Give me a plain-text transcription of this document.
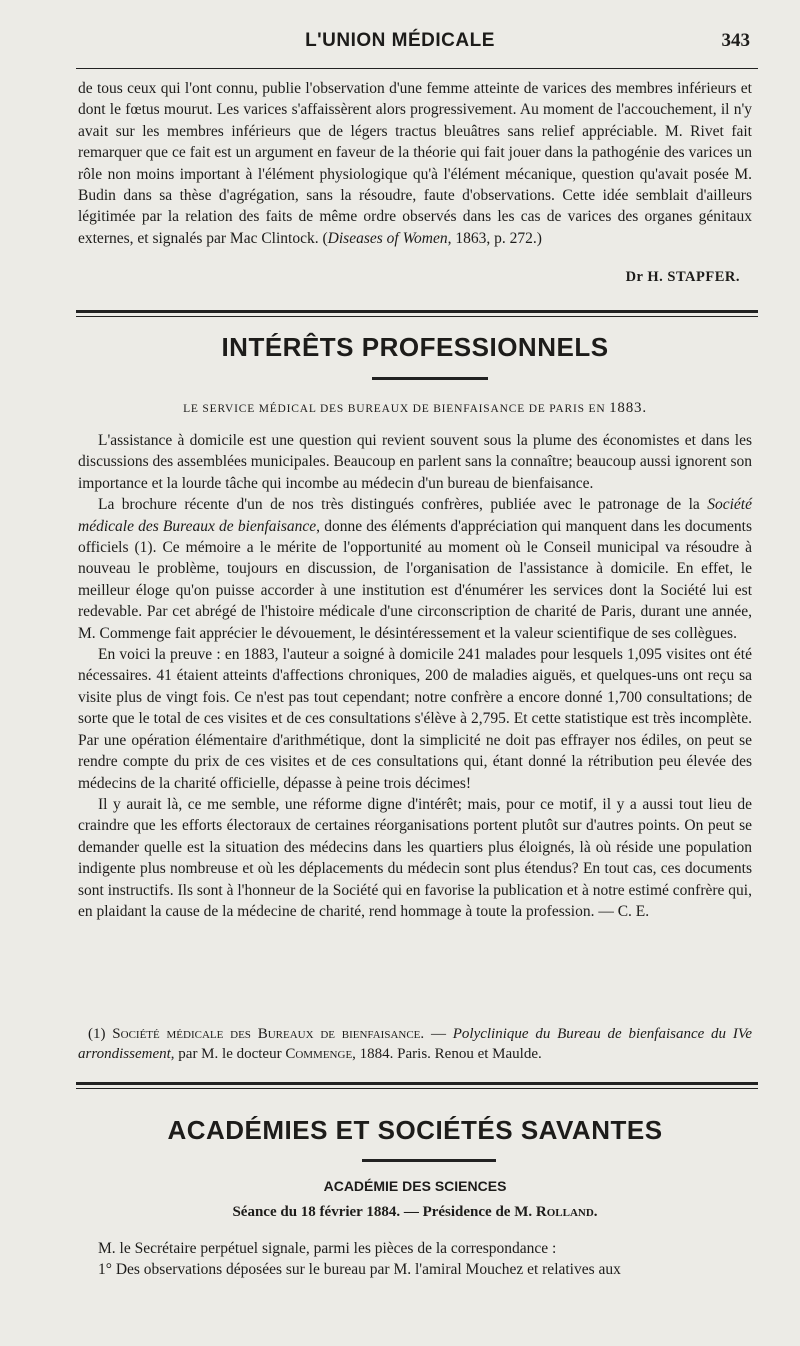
L'UNION MÉDICALE	343

de tous ceux qui l'ont connu, publie l'observation d'une femme atteinte de varices des membres inférieurs et dont le fœtus mourut. Les varices s'affaissèrent alors progressivement. Au moment de l'accouchement, il n'y avait sur les membres inférieurs que de légers tractus bleuâtres sans relief appréciable. M. Rivet fait remarquer que ce fait est un argument en faveur de la théorie qui fait jouer dans la pathogénie des varices un rôle non moins important à l'élément physiologique qu'à l'élément mécanique, question qu'avait posée M. Budin dans sa thèse d'agrégation, sans la résoudre, faute d'observations. Cette idée semblait d'ailleurs légitimée par la relation des faits de même ordre observés dans les cas de varices des organes génitaux externes, et signalés par Mac Clintock. (Diseases of Women, 1863, p. 272.)

Dr H. STAPFER.
INTÉRÊTS PROFESSIONNELS
LE SERVICE MÉDICAL DES BUREAUX DE BIENFAISANCE DE PARIS EN 1883.

L'assistance à domicile est une question qui revient souvent sous la plume des économistes et dans les discussions des assemblées municipales. Beaucoup en parlent sans la connaître; beaucoup aussi ignorent son importance et la lourde tâche qui incombe au médecin d'un bureau de bienfaisance.

La brochure récente d'un de nos très distingués confrères, publiée avec le patronage de la Société médicale des Bureaux de bienfaisance, donne des éléments d'appréciation qui manquent dans les documents officiels (1). Ce mémoire a le mérite de l'opportunité au moment où le Conseil municipal va résoudre à nouveau le problème, toujours en discussion, de l'organisation de l'assistance à domicile. En effet, le meilleur éloge qu'on puisse accorder à une institution est d'énumérer les services dont la Société lui est redevable. Par cet abrégé de l'histoire médicale d'une circonscription de charité de Paris, durant une année, M. Commenge fait apprécier le dévouement, le désintéressement et la valeur scientifique de ses collègues.

En voici la preuve : en 1883, l'auteur a soigné à domicile 241 malades pour lesquels 1,095 visites ont été nécessaires. 41 étaient atteints d'affections chroniques, 200 de maladies aiguës, et quelques-uns ont reçu sa visite plus de vingt fois. Ce n'est pas tout cependant; notre confrère a encore donné 1,700 consultations; de sorte que le total de ces visites et de ces consultations s'élève à 2,795. Et cette statistique est très incomplète. Par une opération élémentaire d'arithmétique, dont la simplicité ne doit pas effrayer nos édiles, on peut se rendre compte du prix de ces visites et de ces consultations qui, étant donné la rétribution peu élevée des médecins de la charité officielle, dépasse à peine trois décimes!

Il y aurait là, ce me semble, une réforme digne d'intérêt; mais, pour ce motif, il y a aussi tout lieu de craindre que les efforts électoraux de certaines réorganisations portent plutôt sur d'autres points. On peut se demander quelle est la situation des médecins dans les quartiers plus éloignés, là où réside une population indigente plus nombreuse et où les déplacements du médecin sont plus étendus? En tout cas, ces documents sont instructifs. Ils sont à l'honneur de la Société qui en favorise la publication et à notre estimé confrère qui, en plaidant la cause de la médecine de charité, rend hommage à toute la profession. — C. E.

(1) Société médicale des Bureaux de bienfaisance. — Polyclinique du Bureau de bienfaisance du IVe arrondissement, par M. le docteur Commenge, 1884. Paris. Renou et Maulde.
ACADÉMIES ET SOCIÉTÉS SAVANTES
ACADÉMIE DES SCIENCES
Séance du 18 février 1884. — Présidence de M. Rolland.

M. le Secrétaire perpétuel signale, parmi les pièces de la correspondance :

1° Des observations déposées sur le bureau par M. l'amiral Mouchez et relatives aux
